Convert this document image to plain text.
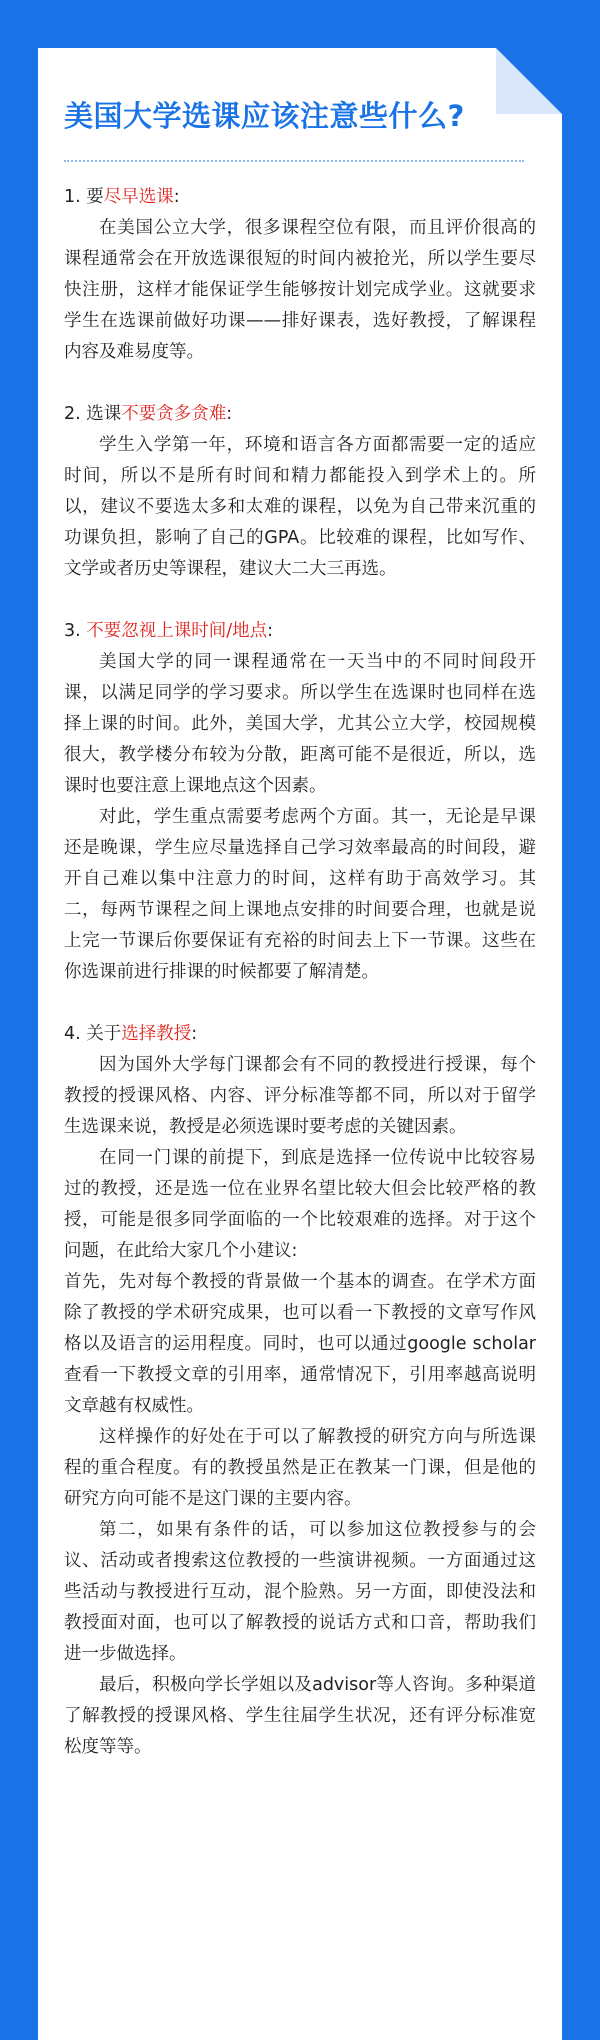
美国大学选课应该注意些什么?

1. 要尽早选课:

在美国公立大学，很多课程空位有限，而且评价很高的课程通常会在开放选课很短的时间内被抢光，所以学生要尽快注册，这样才能保证学生能够按计划完成学业。这就要求学生在选课前做好功课——排好课表，选好教授，了解课程内容及难易度等。

2. 选课不要贪多贪难:

学生入学第一年，环境和语言各方面都需要一定的适应时间，所以不是所有时间和精力都能投入到学术上的。所以，建议不要选太多和太难的课程，以免为自己带来沉重的功课负担，影响了自己的GPA。比较难的课程，比如写作、文学或者历史等课程，建议大二大三再选。

3. 不要忽视上课时间/地点:

美国大学的同一课程通常在一天当中的不同时间段开课，以满足同学的学习要求。所以学生在选课时也同样在选择上课的时间。此外，美国大学，尤其公立大学，校园规模很大，教学楼分布较为分散，距离可能不是很近，所以，选课时也要注意上课地点这个因素。

对此，学生重点需要考虑两个方面。其一，无论是早课还是晚课，学生应尽量选择自己学习效率最高的时间段，避开自己难以集中注意力的时间，这样有助于高效学习。其二，每两节课程之间上课地点安排的时间要合理，也就是说上完一节课后你要保证有充裕的时间去上下一节课。这些在你选课前进行排课的时候都要了解清楚。

4. 关于选择教授:

因为国外大学每门课都会有不同的教授进行授课，每个教授的授课风格、内容、评分标准等都不同，所以对于留学生选课来说，教授是必须选课时要考虑的关键因素。

在同一门课的前提下，到底是选择一位传说中比较容易过的教授，还是选一位在业界名望比较大但会比较严格的教授，可能是很多同学面临的一个比较艰难的选择。对于这个问题，在此给大家几个小建议:

首先，先对每个教授的背景做一个基本的调查。在学术方面除了教授的学术研究成果，也可以看一下教授的文章写作风格以及语言的运用程度。同时，也可以通过google scholar查看一下教授文章的引用率，通常情况下，引用率越高说明文章越有权威性。

这样操作的好处在于可以了解教授的研究方向与所选课程的重合程度。有的教授虽然是正在教某一门课，但是他的研究方向可能不是这门课的主要内容。

第二，如果有条件的话，可以参加这位教授参与的会议、活动或者搜索这位教授的一些演讲视频。一方面通过这些活动与教授进行互动，混个脸熟。另一方面，即使没法和教授面对面，也可以了解教授的说话方式和口音，帮助我们进一步做选择。

最后，积极向学长学姐以及advisor等人咨询。多种渠道了解教授的授课风格、学生往届学生状况，还有评分标准宽松度等等。
